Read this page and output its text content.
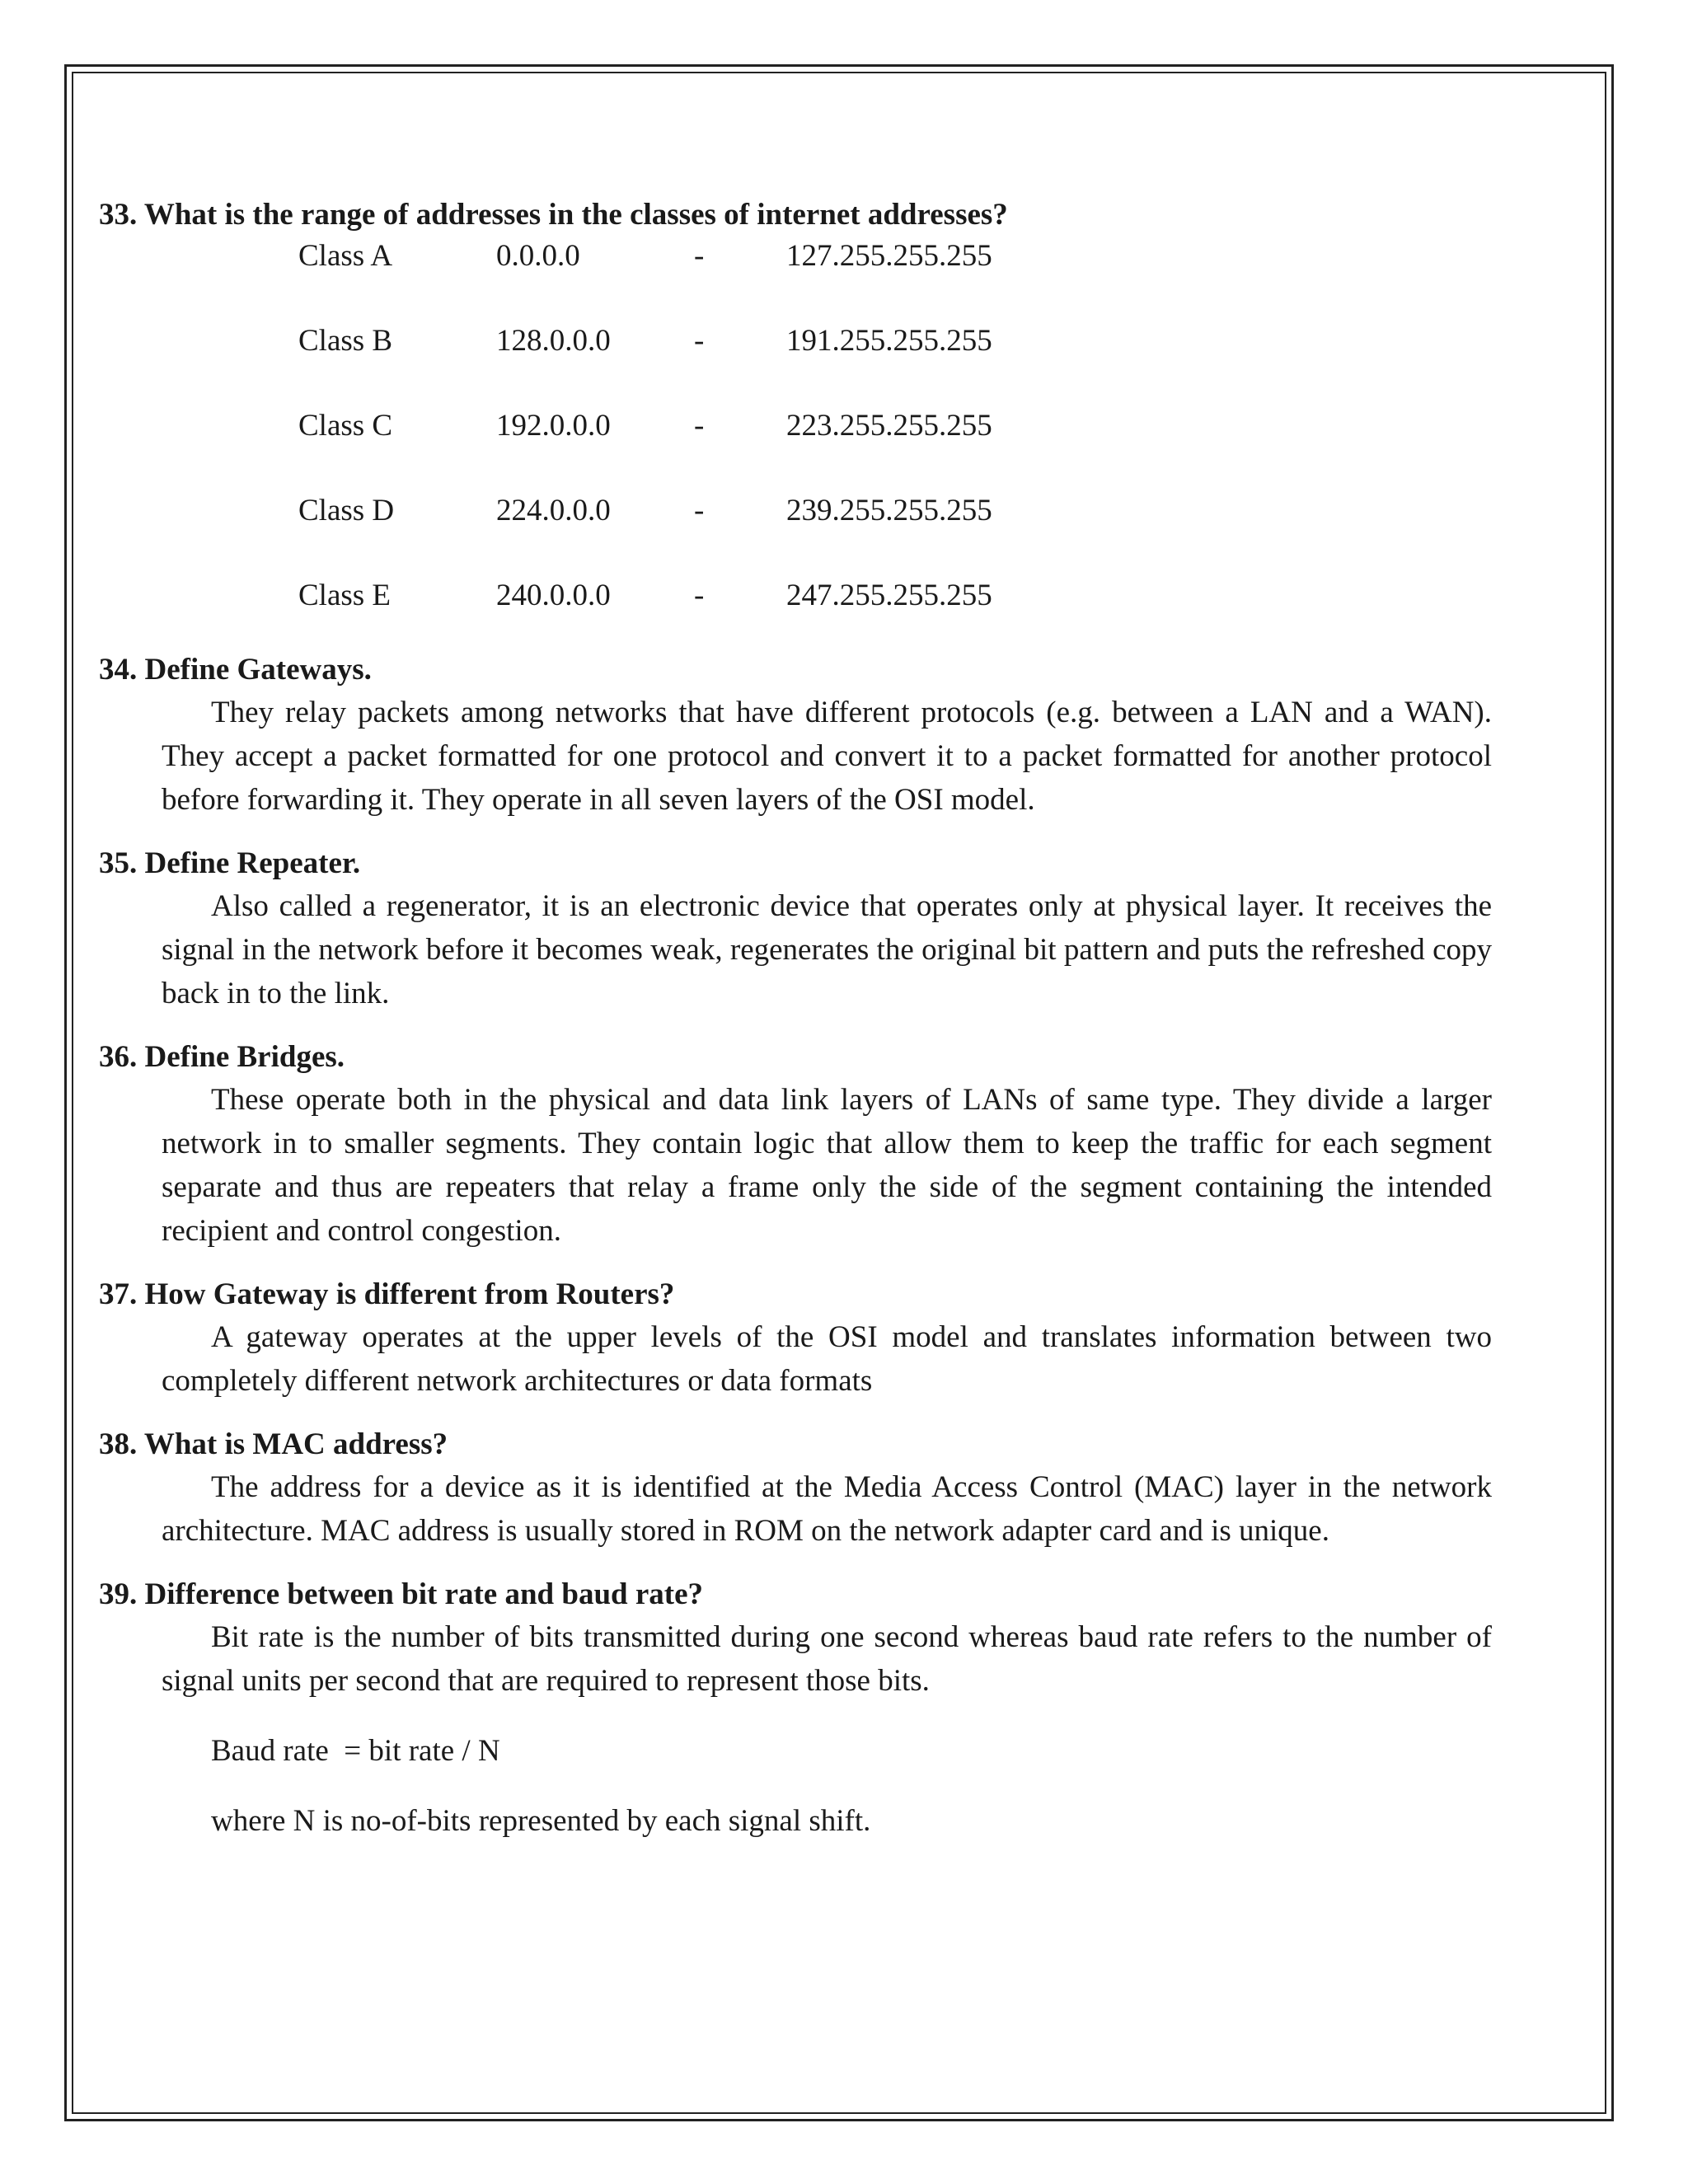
33. What is the range of addresses in the classes of internet addresses?

Class A	0.0.0.0	-	127.255.255.255
Class B	128.0.0.0	-	191.255.255.255
Class C	192.0.0.0	-	223.255.255.255
Class D	224.0.0.0	-	239.255.255.255
Class E	240.0.0.0	-	247.255.255.255

34. Define Gateways.

They relay packets among networks that have different protocols (e.g. between a LAN and a WAN). They accept a packet formatted for one protocol and convert it to a packet formatted for another protocol before forwarding it. They operate in all seven layers of the OSI model.

35. Define Repeater.

Also called a regenerator, it is an electronic device that operates only at physical layer. It receives the signal in the network before it becomes weak, regenerates the original bit pattern and puts the refreshed copy back in to the link.

36. Define Bridges.

These operate both in the physical and data link layers of LANs of same type. They divide a larger network in to smaller segments. They contain logic that allow them to keep the traffic for each segment separate and thus are repeaters that relay a frame only the side of the segment containing the intended recipient and control congestion.

37. How Gateway is different from Routers?

A gateway operates at the upper levels of the OSI model and translates information between two completely different network architectures or data formats

38. What is MAC address?

The address for a device as it is identified at the Media Access Control (MAC) layer in the network architecture. MAC address is usually stored in ROM on the network adapter card and is unique.

39. Difference between bit rate and baud rate?

Bit rate is the number of bits transmitted during one second whereas baud rate refers to the number of signal units per second that are required to represent those bits.

Baud rate  = bit rate / N

where N is no-of-bits represented by each signal shift.
